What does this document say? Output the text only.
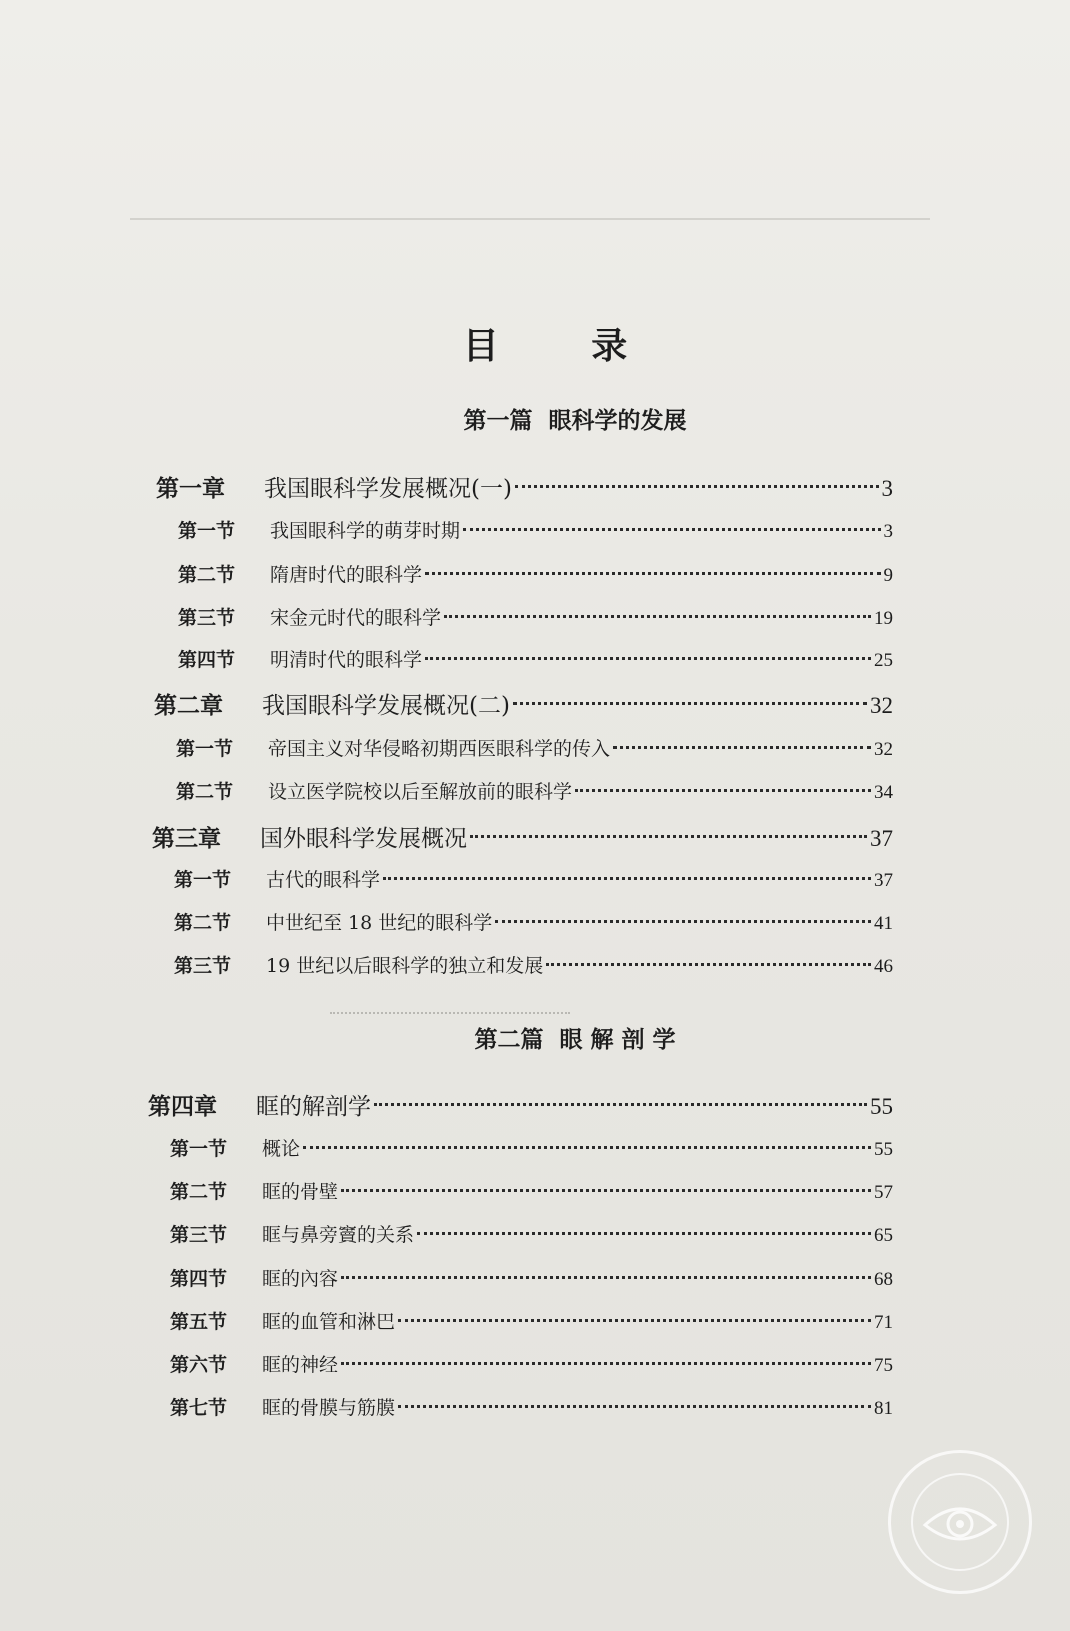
目 录
第一篇  眼科学的发展
第一章	我国眼科学发展概况(一)	3
第一节	我国眼科学的萌芽时期	3
第二节	隋唐时代的眼科学	9
第三节	宋金元时代的眼科学	19
第四节	明清时代的眼科学	25
第二章	我国眼科学发展概况(二)	32
第一节	帝国主义对华侵略初期西医眼科学的传入	32
第二节	设立医学院校以后至解放前的眼科学	34
第三章	国外眼科学发展概况	37
第一节	古代的眼科学	37
第二节	中世纪至 18 世纪的眼科学	41
第三节	19 世纪以后眼科学的独立和发展	46
第二篇  眼 解 剖 学
第四章	眶的解剖学	55
第一节	概论	55
第二节	眶的骨壁	57
第三节	眶与鼻旁竇的关系	65
第四节	眶的內容	68
第五节	眶的血管和淋巴	71
第六节	眶的神经	75
第七节	眶的骨膜与筋膜	81
